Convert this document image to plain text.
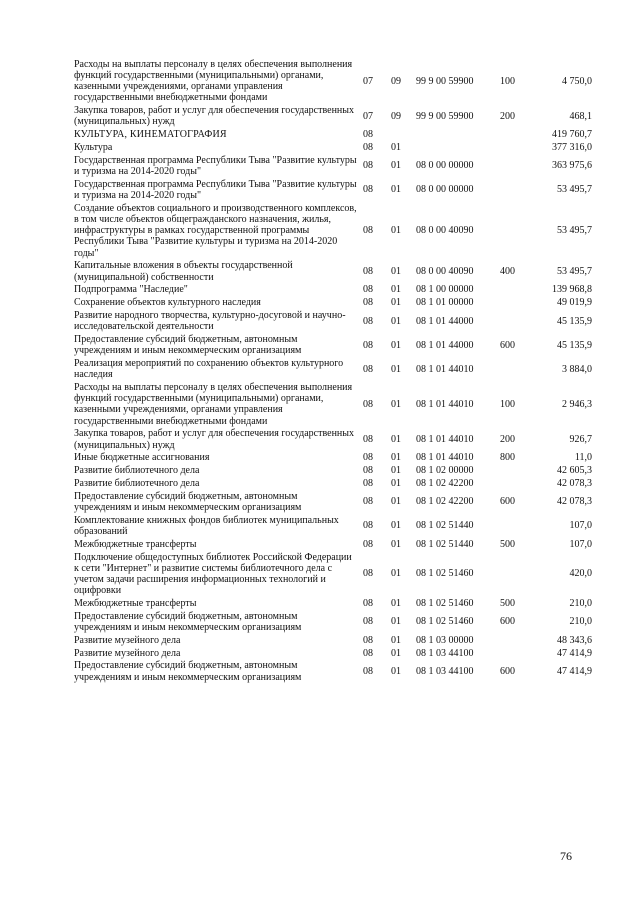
Расходы на выплаты персоналу в целях обеспечения выполнения функций государственными (муниципальными) органами, казенными учреждениями, органами управления государственными внебюджетными фондами	07	09	99 9 00 59900	100	4 750,0
Закупка товаров, работ и услуг для обеспечения государственных (муниципальных) нужд	07	09	99 9 00 59900	200	468,1
КУЛЬТУРА, КИНЕМАТОГРАФИЯ	08				419 760,7
Культура	08	01			377 316,0
Государственная программа Республики Тыва "Развитие культуры и туризма на 2014-2020 годы"	08	01	08 0 00 00000		363 975,6
Государственная программа Республики Тыва "Развитие культуры и туризма на 2014-2020 годы"	08	01	08 0 00 00000		53 495,7
Создание объектов социального и производственного комплексов, в том числе объектов общегражданского назначения, жилья, инфраструктуры в рамках государственной программы Республики Тыва "Развитие культуры и туризма на 2014-2020 годы"	08	01	08 0 00 40090		53 495,7
Капитальные вложения в объекты государственной (муниципальной) собственности	08	01	08 0 00 40090	400	53 495,7
Подпрограмма "Наследие"	08	01	08 1 00 00000		139 968,8
Сохранение объектов культурного наследия	08	01	08 1 01 00000		49 019,9
Развитие народного творчества, культурно-досуговой и научно-исследовательской деятельности	08	01	08 1 01 44000		45 135,9
Предоставление субсидий бюджетным, автономным учреждениям и иным некоммерческим организациям	08	01	08 1 01 44000	600	45 135,9
Реализация мероприятий по сохранению объектов культурного наследия	08	01	08 1 01 44010		3 884,0
Расходы на выплаты персоналу в целях обеспечения выполнения функций государственными (муниципальными) органами, казенными учреждениями, органами управления государственными внебюджетными фондами	08	01	08 1 01 44010	100	2 946,3
Закупка товаров, работ и услуг для обеспечения государственных (муниципальных) нужд	08	01	08 1 01 44010	200	926,7
Иные бюджетные ассигнования	08	01	08 1 01 44010	800	11,0
Развитие библиотечного дела	08	01	08 1 02 00000		42 605,3
Развитие библиотечного дела	08	01	08 1 02 42200		42 078,3
Предоставление субсидий бюджетным, автономным учреждениям и иным некоммерческим организациям	08	01	08 1 02 42200	600	42 078,3
Комплектование книжных фондов библиотек муниципальных образований	08	01	08 1 02 51440		107,0
Межбюджетные трансферты	08	01	08 1 02 51440	500	107,0
Подключение общедоступных библиотек Российской Федерации к сети "Интернет" и развитие системы библиотечного дела с учетом задачи расширения информационных технологий и оцифровки	08	01	08 1 02 51460		420,0
Межбюджетные трансферты	08	01	08 1 02 51460	500	210,0
Предоставление субсидий бюджетным, автономным учреждениям и иным некоммерческим организациям	08	01	08 1 02 51460	600	210,0
Развитие музейного дела	08	01	08 1 03 00000		48 343,6
Развитие музейного дела	08	01	08 1 03 44100		47 414,9
Предоставление субсидий бюджетным, автономным учреждениям и иным некоммерческим организациям	08	01	08 1 03 44100	600	47 414,9
76
